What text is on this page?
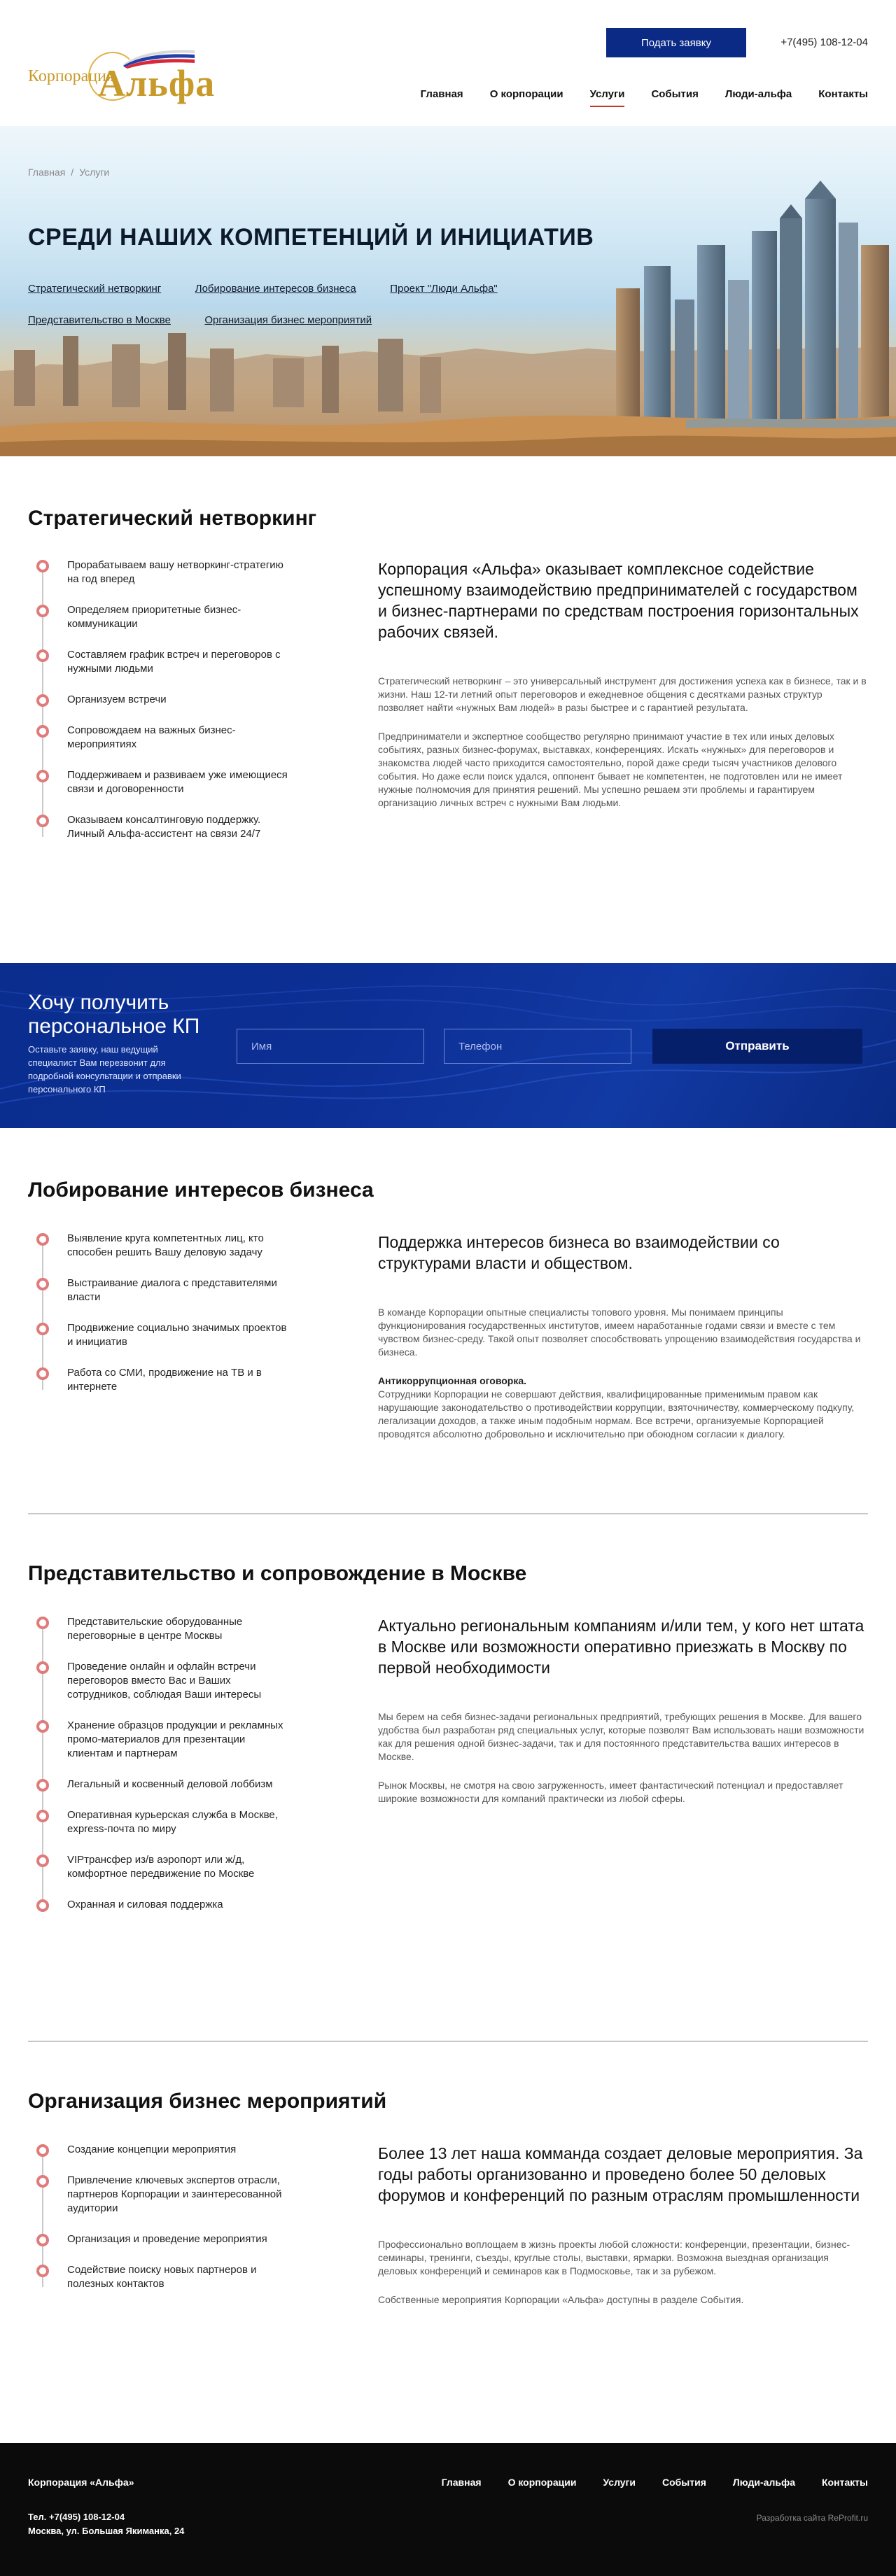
Корпорация
Альфа
Подать заявку	+7(495) 108-12-04
Главная	О корпорации	Услуги	События	Люди-альфа	Контакты
Главная / Услуги
СРЕДИ НАШИХ КОМПЕТЕНЦИЙ И ИНИЦИАТИВ
Стратегический нетворкинг	Лобирование интересов бизнеса	Проект "Люди Альфа" Представительство в Москве	Организация бизнес мероприятий
Стратегический нетворкинг
Прорабатываем вашу нетворкинг-стратегию на год вперед
Определяем приоритетные бизнес-коммуникации
Составляем график встреч и переговоров с нужными людьми
Организуем встречи
Сопровождаем на важных бизнес-мероприятиях
Поддерживаем и развиваем уже имеющиеся связи и договоренности
Оказываем консалтинговую поддержку. Личный Альфа-ассистент на связи 24/7

Корпорация «Альфа» оказывает комплексное содействие успешному взаимодействию предпринимателей с государством и бизнес-партнерами по средствам построения горизонтальных рабочих связей.

Стратегический нетворкинг – это универсальный инструмент для достижения успеха как в бизнесе, так и в жизни. Наш 12-ти летний опыт переговоров и ежедневное общения с десятками разных структур позволяет найти «нужных Вам людей» в разы быстрее и с гарантией результата.

Предприниматели и экспертное сообщество регулярно принимают участие в тех или иных деловых событиях, разных бизнес-форумах, выставках, конференциях. Искать «нужных» для переговоров и знакомства людей часто приходится самостоятельно, порой даже среди тысяч участников делового события. Но даже если поиск удался, оппонент бывает не компетентен, не подготовлен или не имеет нужные полномочия для принятия решений. Мы успешно решаем эти проблемы и гарантируем организацию личных встреч с нужными Вам людьми.

Хочу получить
персональное КП

Оставьте заявку, наш ведущий специалист Вам перезвонит для подробной консультации и отправки персонального КП

Имя
Телефон
Отправить
Лобирование интересов бизнеса
Выявление круга компетентных лиц, кто способен решить Вашу деловую задачу
Выстраивание диалога с представителями власти
Продвижение социально значимых проектов и инициатив
Работа со СМИ, продвижение на ТВ и в интернете

Поддержка интересов бизнеса во взаимодействии со структурами власти и обществом.

В команде Корпорации опытные специалисты топового уровня. Мы понимаем принципы функционирования государственных институтов, имеем наработанные годами связи и вместе с тем чувством бизнес-среду. Такой опыт позволяет способствовать упрощению взаимодействия государства и бизнеса.

Антикоррупционная оговорка.

Сотрудники Корпорации не совершают действия, квалифицированные применимым правом как нарушающие законодательство о противодействии коррупции, взяточничеству, коммерческому подкупу, легализации доходов, а также иным подобным нормам. Все встречи, организуемые Корпорацией проводятся абсолютно добровольно и исключительно при обоюдном согласии к диалогу.

Представительство и сопровождение в Москве
Представительские оборудованные переговорные в центре Москвы
Проведение онлайн и офлайн встречи переговоров вместо Вас и Ваших сотрудников, соблюдая Ваши интересы
Хранение образцов продукции и рекламных промо-материалов для презентации клиентам и партнерам
Легальный и косвенный деловой лоббизм
Оперативная курьерская служба в Москве, express-почта по миру
VIPтрансфер из/в аэропорт или ж/д, комфортное передвижение по Москве
Охранная и силовая поддержка

Актуально региональным компаниям и/или тем, у кого нет штата в Москве или возможности оперативно приезжать в Москву по первой необходимости

Мы берем на себя бизнес-задачи региональных предприятий, требующих решения в Москве. Для вашего удобства был разработан ряд специальных услуг, которые позволят Вам использовать наши возможности как для решения одной бизнес-задачи, так и для постоянного представительства ваших интересов в Москве.

Рынок Москвы, не смотря на свою загруженность, имеет фантастический потенциал и предоставляет широкие возможности для компаний практически из любой сферы.

Организация бизнес мероприятий
Создание концепции мероприятия
Привлечение ключевых экспертов отрасли, партнеров Корпорации и заинтересованной аудитории
Организация и проведение мероприятия
Содействие поиску новых партнеров и полезных контактов

Более 13 лет наша комманда создает деловые мероприятия. За годы работы организованно и проведено более 50 деловых форумов и конференций по разным отраслям промышленности

Профессионально воплощаем в жизнь проекты любой сложности: конференции, презентации, бизнес-семинары, тренинги, съезды, круглые столы, выставки, ярмарки. Возможна выездная организация деловых конференций и семинаров как в Подмосковье, так и за рубежом.

Собственные мероприятия Корпорации «Альфа» доступны в разделе События.

Корпорация «Альфа»
Тел. +7(495) 108-12-04
Москва, ул. Большая Якиманка, 24
Главная	О корпорации	Услуги	События	Люди-альфа	Контакты
Разработка сайта ReProfit.ru
